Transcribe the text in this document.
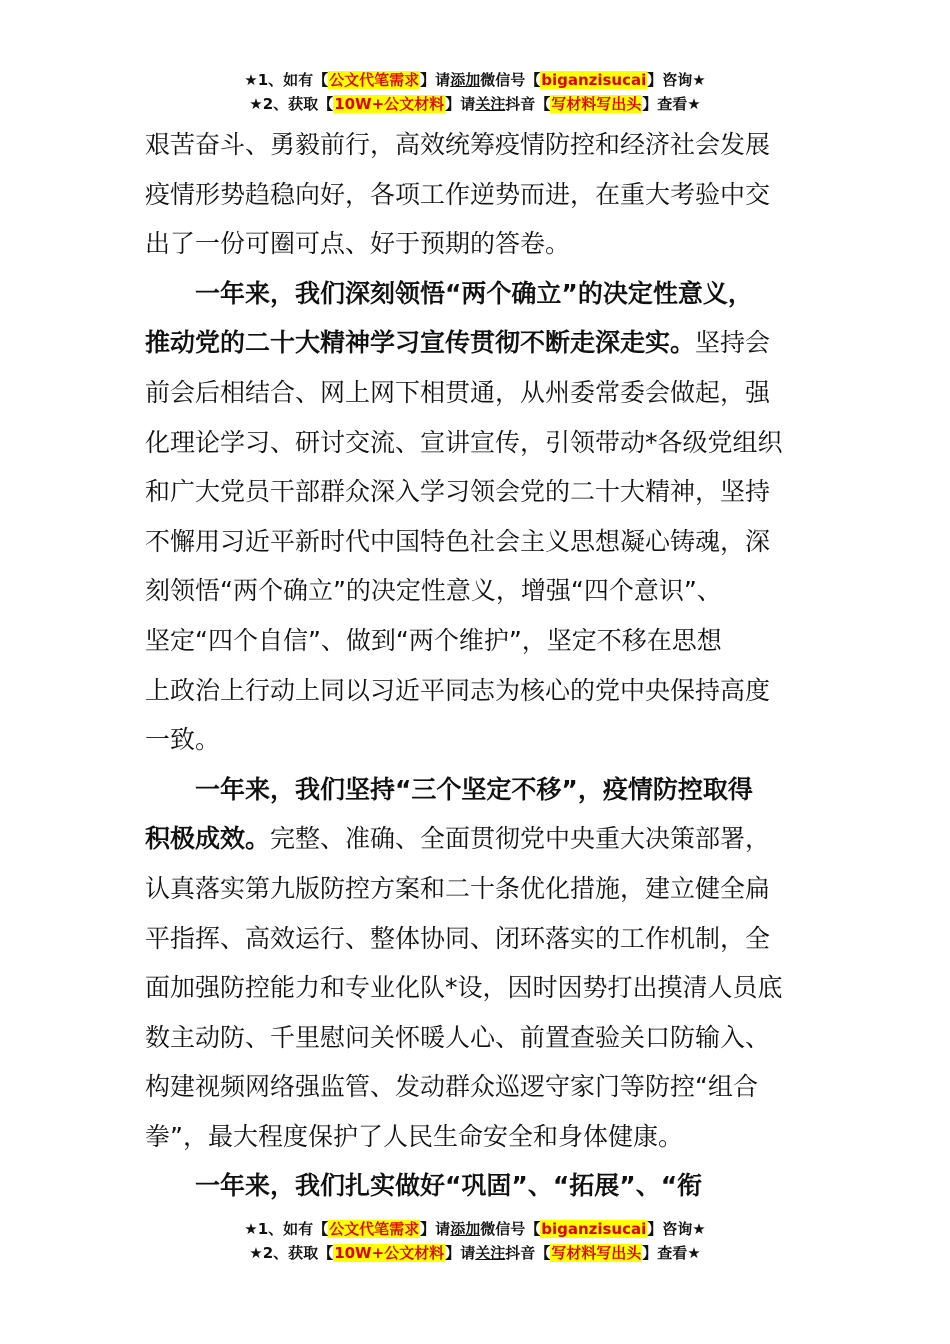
★1、如有【公文代笔需求】请添加微信号【biganzisucai】咨询★
★2、获取【10W+公文材料】请关注抖音【写材料写出头】查看★
艰苦奋斗、勇毅前行，高效统筹疫情防控和经济社会发展
疫情形势趋稳向好，各项工作逆势而进，在重大考验中交
出了一份可圈可点、好于预期的答卷。
一年来，我们深刻领悟“两个确立”的决定性意义，
推动党的二十大精神学习宣传贯彻不断走深走实。坚持会
前会后相结合、网上网下相贯通，从州委常委会做起，强
化理论学习、研讨交流、宣讲宣传，引领带动*各级党组织
和广大党员干部群众深入学习领会党的二十大精神，坚持
不懈用习近平新时代中国特色社会主义思想凝心铸魂，深
刻领悟“两个确立”的决定性意义，增强“四个意识”、
坚定“四个自信”、做到“两个维护”，坚定不移在思想
上政治上行动上同以习近平同志为核心的党中央保持高度
一致。
一年来，我们坚持“三个坚定不移”，疫情防控取得
积极成效。完整、准确、全面贯彻党中央重大决策部署，
认真落实第九版防控方案和二十条优化措施，建立健全扁
平指挥、高效运行、整体协同、闭环落实的工作机制，全
面加强防控能力和专业化队*设，因时因势打出摸清人员底
数主动防、千里慰问关怀暖人心、前置查验关口防输入、
构建视频网络强监管、发动群众巡逻守家门等防控“组合
拳”，最大程度保护了人民生命安全和身体健康。
一年来，我们扎实做好“巩固”、“拓展”、“衔
★1、如有【公文代笔需求】请添加微信号【biganzisucai】咨询★
★2、获取【10W+公文材料】请关注抖音【写材料写出头】查看★
